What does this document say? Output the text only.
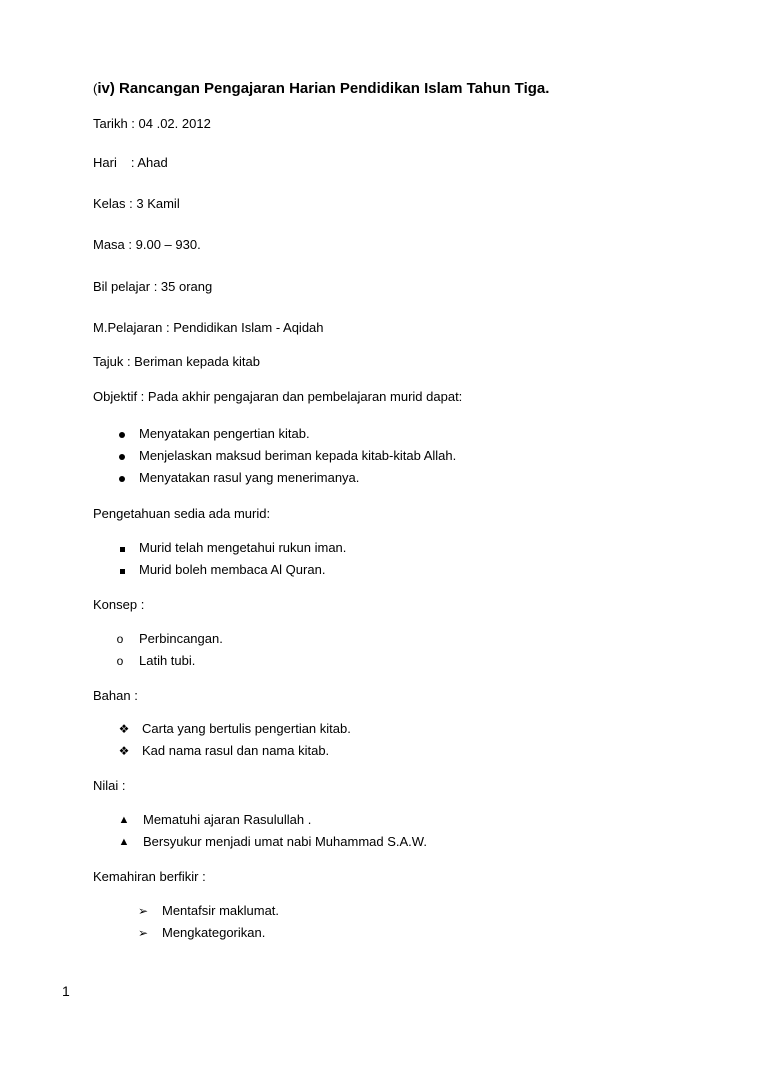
(iv) Rancangan Pengajaran Harian Pendidikan Islam Tahun Tiga.
Tarikh : 04 .02. 2012
Hari : Ahad
Kelas : 3 Kamil
Masa : 9.00 – 930.
Bil pelajar : 35 orang
M.Pelajaran : Pendidikan Islam - Aqidah
Tajuk : Beriman kepada kitab
Objektif : Pada akhir pengajaran dan pembelajaran murid dapat:
Menyatakan pengertian kitab.
Menjelaskan maksud beriman kepada kitab-kitab Allah.
Menyatakan rasul yang menerimanya.
Pengetahuan sedia ada murid:
Murid telah mengetahui rukun iman.
Murid boleh membaca Al Quran.
Konsep :
o	Perbincangan.
o	Latih tubi.
Bahan :
❖ Carta yang bertulis pengertian kitab.
❖ Kad nama rasul dan nama kitab.
Nilai :
▲ Mematuhi ajaran Rasulullah .
▲ Bersyukur menjadi umat nabi Muhammad S.A.W.
Kemahiran berfikir :
➢ Mentafsir maklumat.
➢ Mengkategorikan.
1
